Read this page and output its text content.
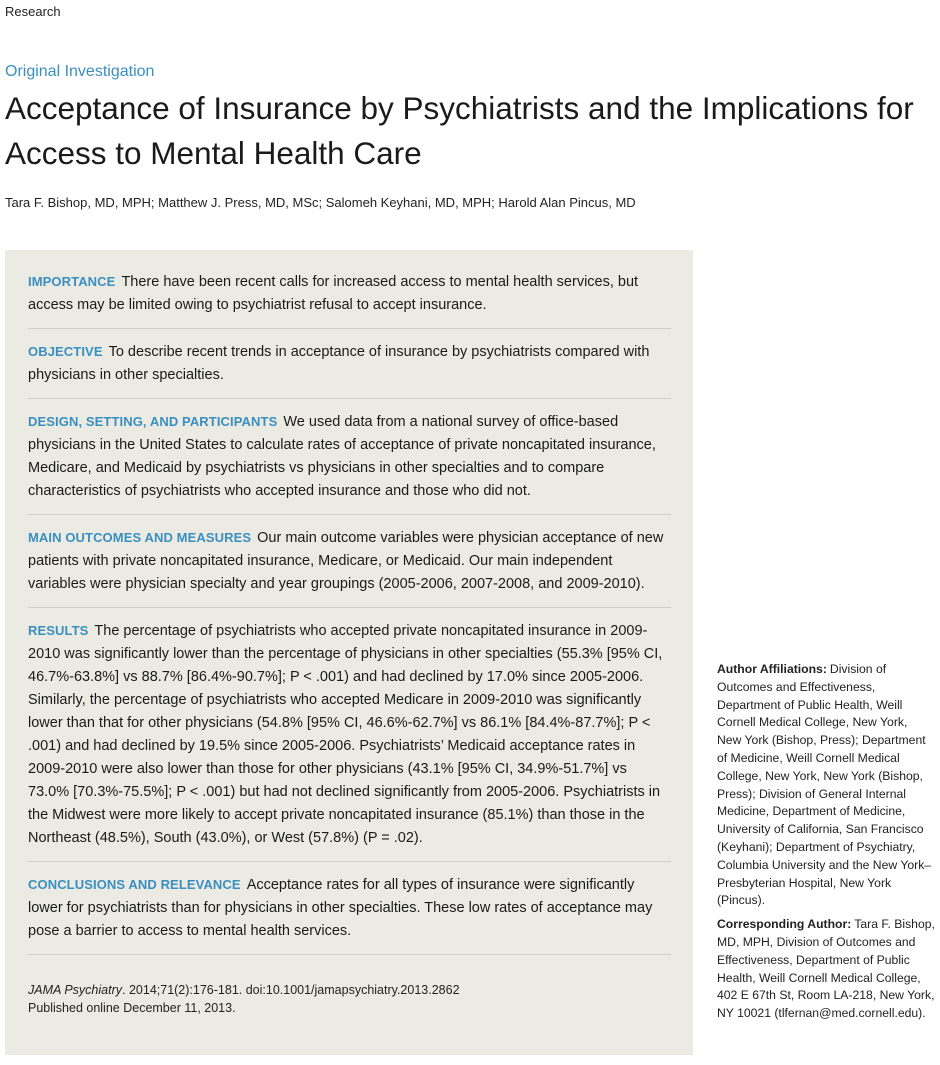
Research
Original Investigation
Acceptance of Insurance by Psychiatrists and the Implications for Access to Mental Health Care
Tara F. Bishop, MD, MPH; Matthew J. Press, MD, MSc; Salomeh Keyhani, MD, MPH; Harold Alan Pincus, MD
IMPORTANCE There have been recent calls for increased access to mental health services, but access may be limited owing to psychiatrist refusal to accept insurance.
OBJECTIVE To describe recent trends in acceptance of insurance by psychiatrists compared with physicians in other specialties.
DESIGN, SETTING, AND PARTICIPANTS We used data from a national survey of office-based physicians in the United States to calculate rates of acceptance of private noncapitated insurance, Medicare, and Medicaid by psychiatrists vs physicians in other specialties and to compare characteristics of psychiatrists who accepted insurance and those who did not.
MAIN OUTCOMES AND MEASURES Our main outcome variables were physician acceptance of new patients with private noncapitated insurance, Medicare, or Medicaid. Our main independent variables were physician specialty and year groupings (2005-2006, 2007-2008, and 2009-2010).
RESULTS The percentage of psychiatrists who accepted private noncapitated insurance in 2009-2010 was significantly lower than the percentage of physicians in other specialties (55.3% [95% CI, 46.7%-63.8%] vs 88.7% [86.4%-90.7%]; P < .001) and had declined by 17.0% since 2005-2006. Similarly, the percentage of psychiatrists who accepted Medicare in 2009-2010 was significantly lower than that for other physicians (54.8% [95% CI, 46.6%-62.7%] vs 86.1% [84.4%-87.7%]; P < .001) and had declined by 19.5% since 2005-2006. Psychiatrists’ Medicaid acceptance rates in 2009-2010 were also lower than those for other physicians (43.1% [95% CI, 34.9%-51.7%] vs 73.0% [70.3%-75.5%]; P < .001) but had not declined significantly from 2005-2006. Psychiatrists in the Midwest were more likely to accept private noncapitated insurance (85.1%) than those in the Northeast (48.5%), South (43.0%), or West (57.8%) (P = .02).
CONCLUSIONS AND RELEVANCE Acceptance rates for all types of insurance were significantly lower for psychiatrists than for physicians in other specialties. These low rates of acceptance may pose a barrier to access to mental health services.
JAMA Psychiatry. 2014;71(2):176-181. doi:10.1001/jamapsychiatry.2013.2862
Published online December 11, 2013.

Author Affiliations: Division of Outcomes and Effectiveness, Department of Public Health, Weill Cornell Medical College, New York, New York (Bishop, Press); Department of Medicine, Weill Cornell Medical College, New York, New York (Bishop, Press); Division of General Internal Medicine, Department of Medicine, University of California, San Francisco (Keyhani); Department of Psychiatry, Columbia University and the New York–Presbyterian Hospital, New York (Pincus).

Corresponding Author: Tara F. Bishop, MD, MPH, Division of Outcomes and Effectiveness, Department of Public Health, Weill Cornell Medical College, 402 E 67th St, Room LA-218, New York, NY 10021 (tlfernan@med.cornell.edu).
